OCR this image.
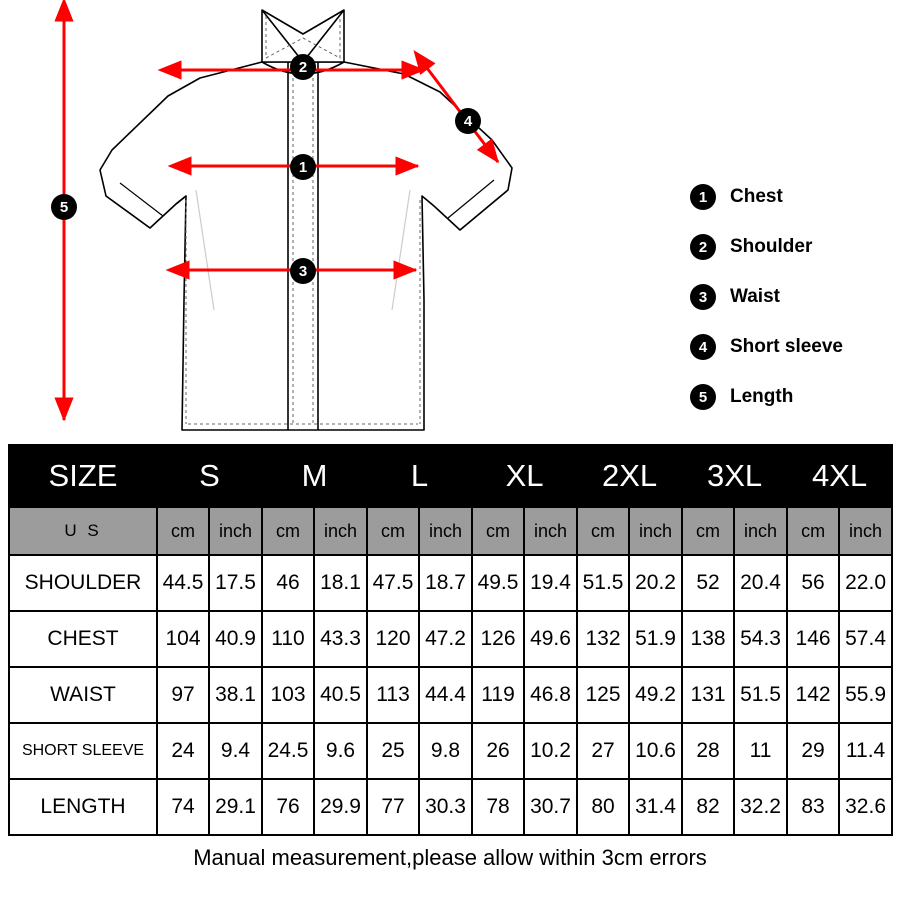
2
1
3
4
5
1	Chest
2	Shoulder
3	Waist
4	Short sleeve
5	Length
SIZE	S		M		L		XL		2XL		3XL		4XL	
U S	cm	inch	cm	inch	cm	inch	cm	inch	cm	inch	cm	inch	cm	inch
SHOULDER	44.5	17.5	46	18.1	47.5	18.7	49.5	19.4	51.5	20.2	52	20.4	56	22.0
CHEST	104	40.9	110	43.3	120	47.2	126	49.6	132	51.9	138	54.3	146	57.4
WAIST	97	38.1	103	40.5	113	44.4	119	46.8	125	49.2	131	51.5	142	55.9
SHORT SLEEVE	24	9.4	24.5	9.6	25	9.8	26	10.2	27	10.6	28	11	29	11.4
LENGTH	74	29.1	76	29.9	77	30.3	78	30.7	80	31.4	82	32.2	83	32.6
Manual measurement,please allow within 3cm errors
